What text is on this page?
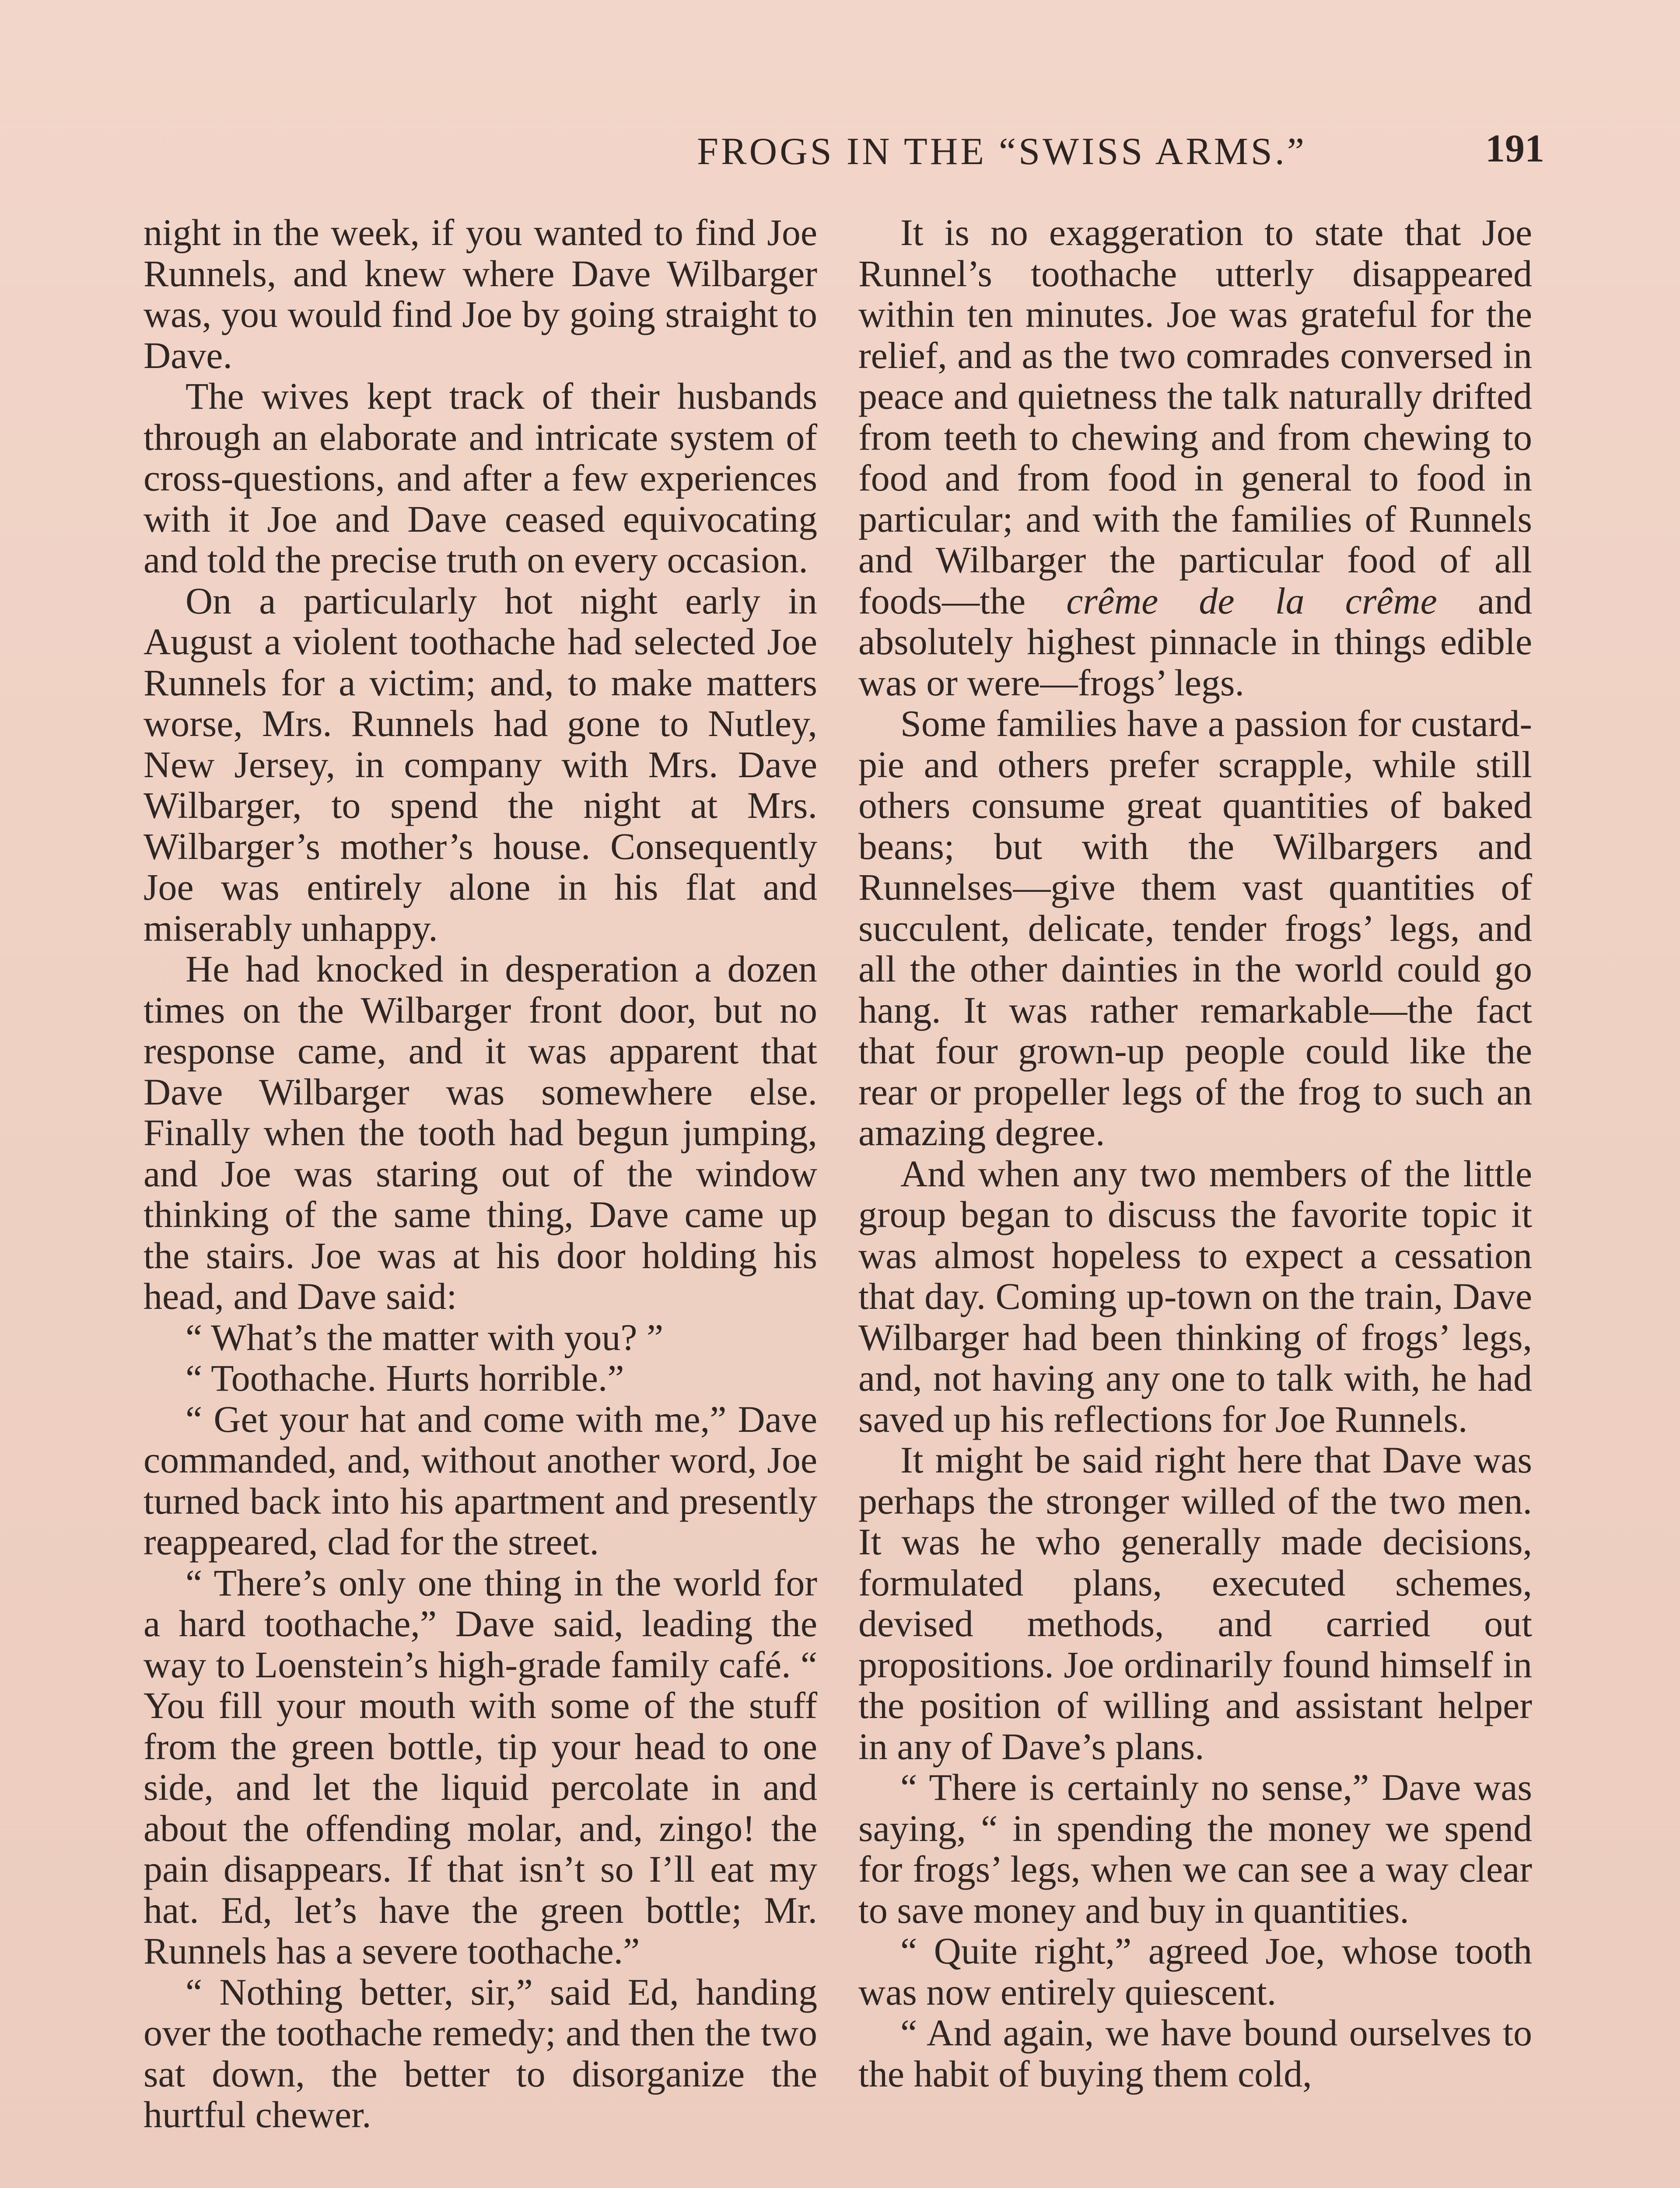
FROGS IN THE “SWISS ARMS.”	191

night in the week, if you wanted to find Joe Runnels, and knew where Dave Wilbarger was, you would find Joe by going straight to Dave.

The wives kept track of their husbands through an elaborate and intricate system of cross-questions, and after a few experiences with it Joe and Dave ceased equivocating and told the precise truth on every occasion.

On a particularly hot night early in August a violent toothache had selected Joe Runnels for a victim; and, to make matters worse, Mrs. Runnels had gone to Nutley, New Jersey, in company with Mrs. Dave Wilbarger, to spend the night at Mrs. Wilbarger’s mother’s house. Consequently Joe was entirely alone in his flat and miserably unhappy.

He had knocked in desperation a dozen times on the Wilbarger front door, but no response came, and it was apparent that Dave Wilbarger was somewhere else. Finally when the tooth had begun jumping, and Joe was staring out of the window thinking of the same thing, Dave came up the stairs. Joe was at his door holding his head, and Dave said:

“ What’s the matter with you? ”

“ Toothache. Hurts horrible.”

“ Get your hat and come with me,” Dave commanded, and, without another word, Joe turned back into his apartment and presently reappeared, clad for the street.

“ There’s only one thing in the world for a hard toothache,” Dave said, leading the way to Loenstein’s high-grade family café. “ You fill your mouth with some of the stuff from the green bottle, tip your head to one side, and let the liquid percolate in and about the offending molar, and, zingo! the pain disappears. If that isn’t so I’ll eat my hat. Ed, let’s have the green bottle; Mr. Runnels has a severe toothache.”

“ Nothing better, sir,” said Ed, handing over the toothache remedy; and then the two sat down, the better to disorganize the hurtful chewer.

It is no exaggeration to state that Joe Runnel’s toothache utterly disappeared within ten minutes. Joe was grateful for the relief, and as the two comrades conversed in peace and quietness the talk naturally drifted from teeth to chewing and from chewing to food and from food in general to food in particular; and with the families of Runnels and Wilbarger the particular food of all foods—the crême de la crême and absolutely highest pinnacle in things edible was or were—frogs’ legs.

Some families have a passion for custard-pie and others prefer scrapple, while still others consume great quantities of baked beans; but with the Wilbargers and Runnelses—give them vast quantities of succulent, delicate, tender frogs’ legs, and all the other dainties in the world could go hang. It was rather remarkable—the fact that four grown-up people could like the rear or propeller legs of the frog to such an amazing degree.

And when any two members of the little group began to discuss the favorite topic it was almost hopeless to expect a cessation that day. Coming up-town on the train, Dave Wilbarger had been thinking of frogs’ legs, and, not having any one to talk with, he had saved up his reflections for Joe Runnels.

It might be said right here that Dave was perhaps the stronger willed of the two men. It was he who generally made decisions, formulated plans, executed schemes, devised methods, and carried out propositions. Joe ordinarily found himself in the position of willing and assistant helper in any of Dave’s plans.

“ There is certainly no sense,” Dave was saying, “ in spending the money we spend for frogs’ legs, when we can see a way clear to save money and buy in quantities.

“ Quite right,” agreed Joe, whose tooth was now entirely quiescent.

“ And again, we have bound ourselves to the habit of buying them cold,
